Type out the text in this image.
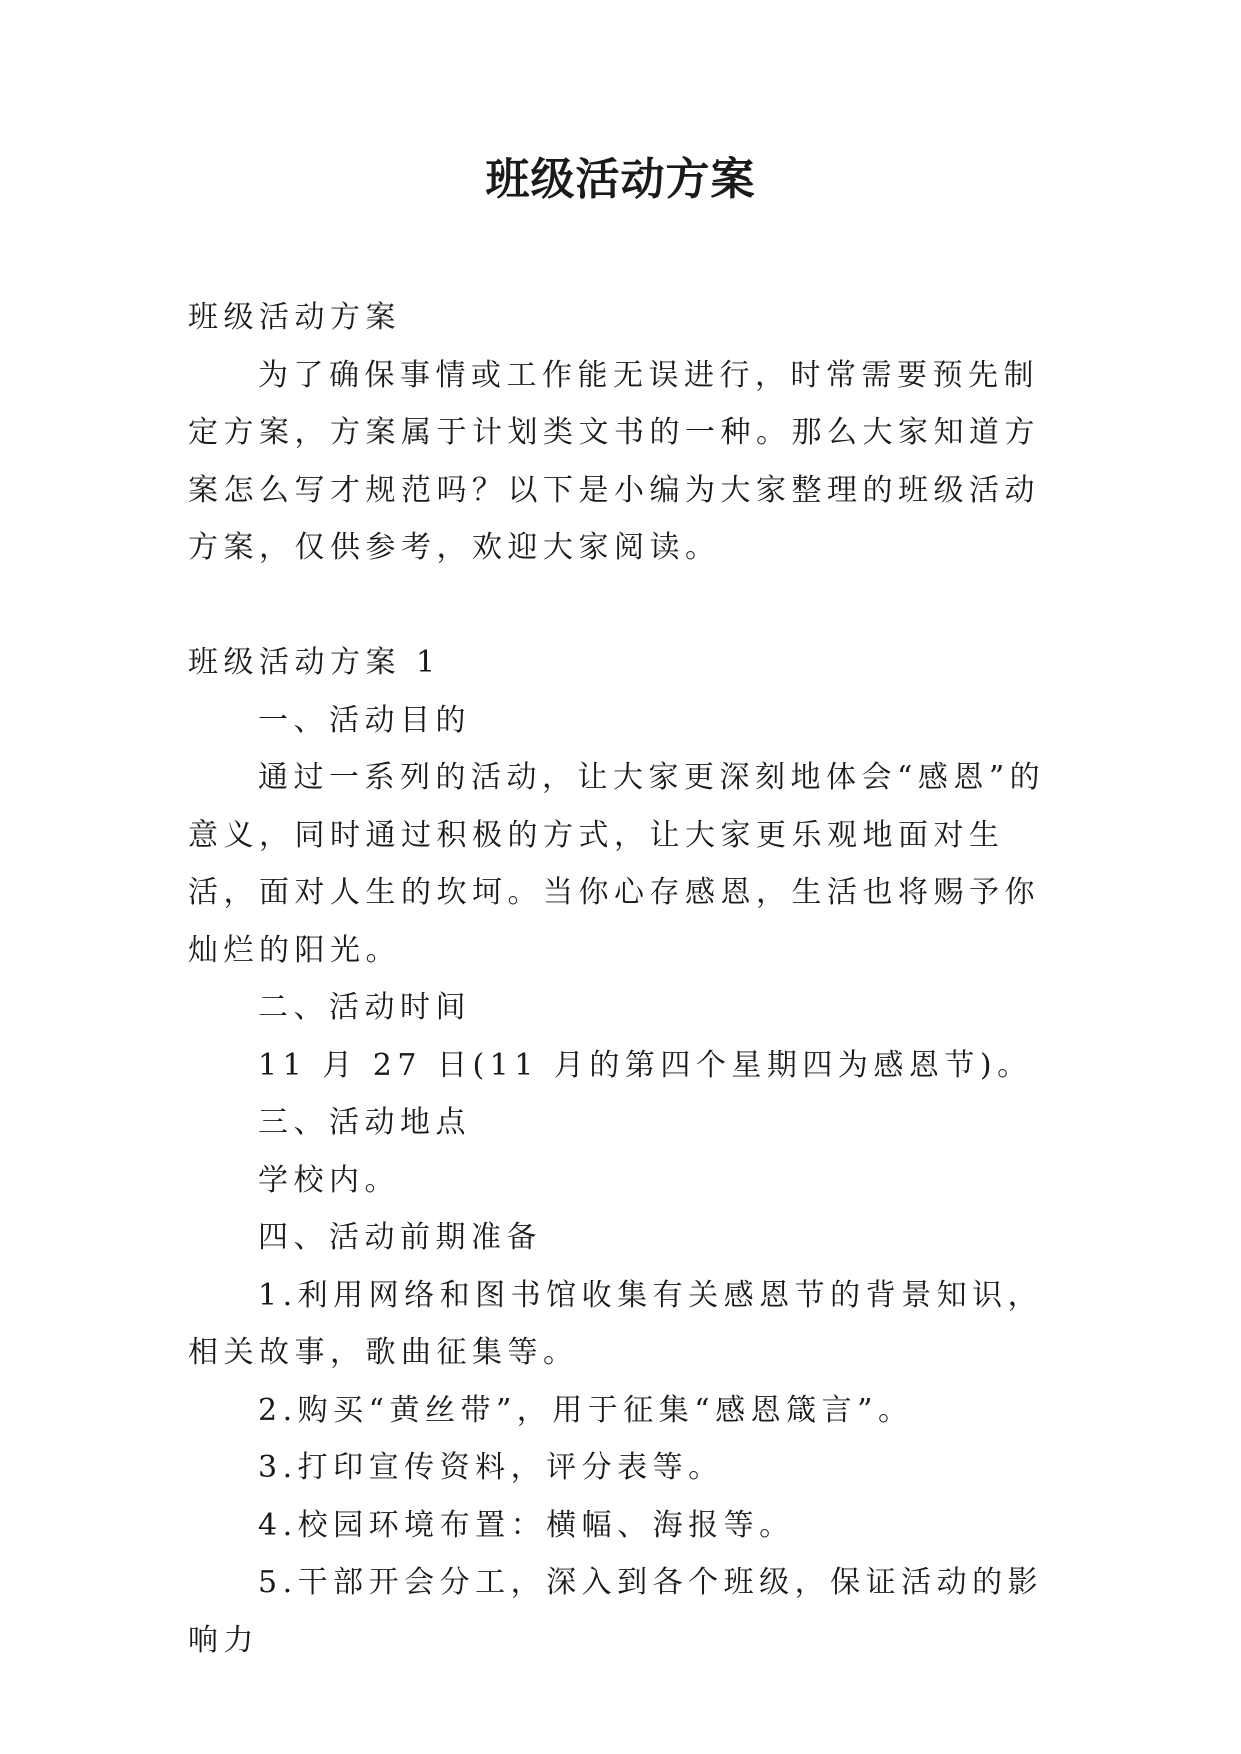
班级活动方案

班级活动方案

为了确保事情或工作能无误进行，时常需要预先制定方案，方案属于计划类文书的一种。那么大家知道方案怎么写才规范吗？以下是小编为大家整理的班级活动方案，仅供参考，欢迎大家阅读。

班级活动方案 1

一、活动目的

通过一系列的活动，让大家更深刻地体会“感恩”的意义，同时通过积极的方式，让大家更乐观地面对生活，面对人生的坎坷。当你心存感恩，生活也将赐予你灿烂的阳光。

二、活动时间

11 月 27 日(11 月的第四个星期四为感恩节)。

三、活动地点

学校内。

四、活动前期准备

1.利用网络和图书馆收集有关感恩节的背景知识，相关故事，歌曲征集等。

2.购买“黄丝带”，用于征集“感恩箴言”。

3.打印宣传资料，评分表等。

4.校园环境布置：横幅、海报等。

5.干部开会分工，深入到各个班级，保证活动的影响力
